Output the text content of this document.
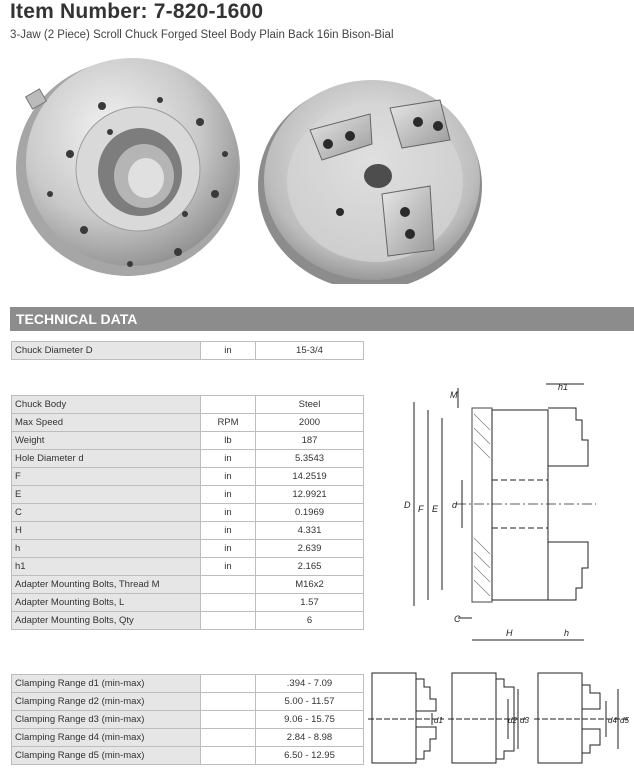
Item Number: 7-820-1600
3-Jaw (2 Piece) Scroll Chuck Forged Steel Body Plain Back 16in Bison-Bial
TECHNICAL DATA
Chuck Diameter D	in	15-3/4
Chuck Body		Steel
Max Speed	RPM	2000
Weight	lb	187
Hole Diameter d	in	5.3543
F	in	14.2519
E	in	12.9921
C	in	0.1969
H	in	4.331
h	in	2.639
h1	in	2.165
Adapter Mounting Bolts, Thread M		M16x2
Adapter Mounting Bolts, L		1.57
Adapter Mounting Bolts, Qty		6
Clamping Range d1 (min-max)		.394 - 7.09
Clamping Range d2 (min-max)		5.00 - 11.57
Clamping Range d3 (min-max)		9.06 - 15.75
Clamping Range d4 (min-max)		2.84 - 8.98
Clamping Range d5 (min-max)		6.50 - 12.95
D F E d
M
h1
C
H	h
d1	d2 d3	d4 d5
